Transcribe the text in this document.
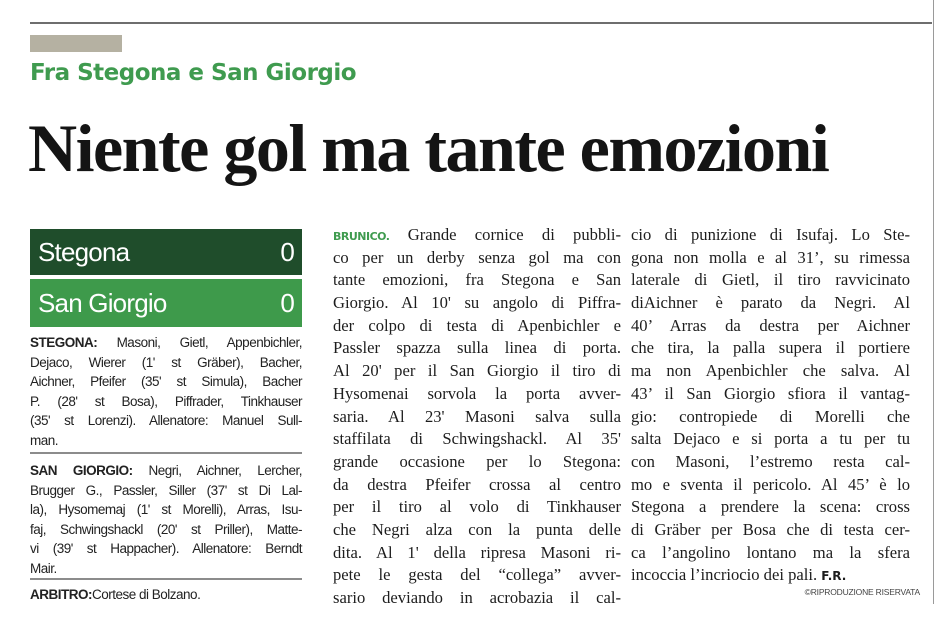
Fra Stegona e San Giorgio
Niente gol ma tante emozioni
Stegona	0
San Giorgio	0
STEGONA: Masoni, Gietl, Appenbichler,
Dejaco, Wierer (1' st Gräber), Bacher,
Aichner, Pfeifer (35' st Simula), Bacher
P. (28' st Bosa), Piffrader, Tinkhauser
(35' st Lorenzi). Allenatore: Manuel Sull-
man.
SAN GIORGIO: Negri, Aichner, Lercher,
Brugger G., Passler, Siller (37' st Di Lal-
la), Hysomemaj (1' st Morelli), Arras, Isu-
faj, Schwingshackl (20' st Priller), Matte-
vi (39' st Happacher). Allenatore: Berndt
Mair.
ARBITRO:Cortese di Bolzano.
BRUNICO. Grande cornice di pubbli-
co per un derby senza gol ma con
tante emozioni, fra Stegona e San
Giorgio. Al 10' su angolo di Piffra-
der colpo di testa di Apenbichler e
Passler spazza sulla linea di porta.
Al 20' per il San Giorgio il tiro di
Hysomenai sorvola la porta avver-
saria. Al 23' Masoni salva sulla
staffilata di Schwingshackl. Al 35'
grande occasione per lo Stegona:
da destra Pfeifer crossa al centro
per il tiro al volo di Tinkhauser
che Negri alza con la punta delle
dita. Al 1' della ripresa Masoni ri-
pete le gesta del “collega” avver-
sario deviando in acrobazia il cal-
cio di punizione di Isufaj. Lo Ste-
gona non molla e al 31’, su rimessa
laterale di Gietl, il tiro ravvicinato
diAichner è parato da Negri. Al
40’ Arras da destra per Aichner
che tira, la palla supera il portiere
ma non Apenbichler che salva. Al
43’ il San Giorgio sfiora il vantag-
gio: contropiede di Morelli che
salta Dejaco e si porta a tu per tu
con Masoni, l’estremo resta cal-
mo e sventa il pericolo. Al 45’ è lo
Stegona a prendere la scena: cross
di Gräber per Bosa che di testa cer-
ca l’angolino lontano ma la sfera
incoccia l’incriocio dei pali. F.R.
©RIPRODUZIONE RISERVATA
